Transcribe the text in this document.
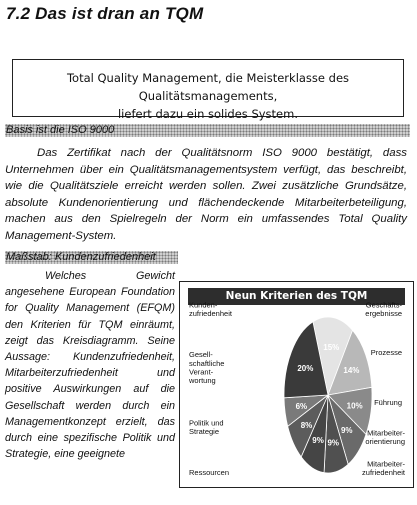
7.2 Das ist dran an TQM
Total Quality Management, die Meisterklasse des Qualitätsmanagements,
liefert dazu ein solides System.
Basis ist die ISO 9000

Das Zertifikat nach der Qualitätsnorm ISO 9000 bestätigt, dass Unternehmen über ein Qualitätsmanagementsystem verfügt, das beschreibt, wie die Qualitätsziele erreicht werden sollen. Zwei zusätzliche Grundsätze, absolute Kundenorientierung und flächendeckende Mitarbeiterbeteiligung, machen aus den Spielregeln der Norm ein umfassendes Total Quality Management-System.

Maßstab: Kundenzufriedenheit

Welches Gewicht angesehene European Foundation for Quality Management (EFQM) den Kriterien für TQM einräumt, zeigt das Kreisdiagramm. Seine Aussage: Kundenzufriedenheit, Mitarbeiterzufriedenheit und positive Auswirkungen auf die Gesellschaft werden durch ein Managementkonzept erzielt, das durch eine spezifische Politik und Strategie, eine geeignete

Neun Kriterien des TQM
15%
Geschäfts-ergebnisse
14%
Prozesse
10% Führung
9% Mitarbeiter-orientierung
9%
Mitarbeiter-zufriedenheit
9%
Ressourcen
8%
Politik und Strategie
6%
Gesell-schaftliche Verant-wortung
20%
Kunden-zufriedenheit
